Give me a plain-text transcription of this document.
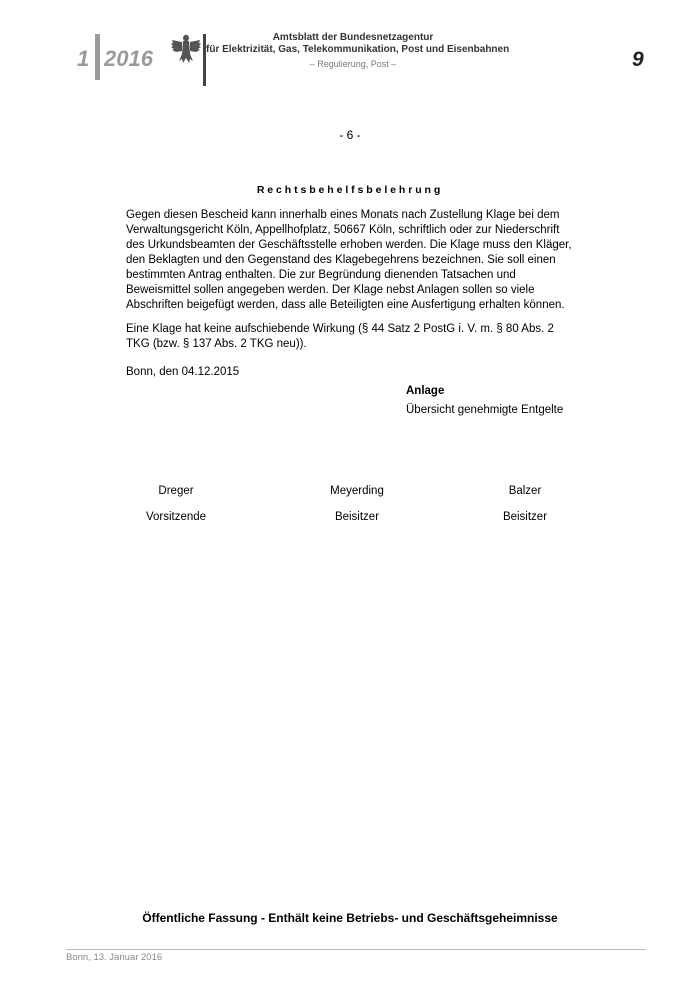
1 2016
Amtsblatt der Bundesnetzagentur
für Elektrizität, Gas, Telekommunikation, Post und Eisenbahnen
– Regulierung, Post –	9
- 6 -
Rechtsbehelfsbelehrung

Gegen diesen Bescheid kann innerhalb eines Monats nach Zustellung Klage bei dem Verwaltungsgericht Köln, Appellhofplatz, 50667 Köln, schriftlich oder zur Niederschrift des Urkundsbeamten der Geschäftsstelle erhoben werden. Die Klage muss den Kläger, den Beklagten und den Gegenstand des Klagebegehrens bezeichnen. Sie soll einen bestimmten Antrag enthalten. Die zur Begründung dienenden Tatsachen und Beweismittel sollen angegeben werden. Der Klage nebst Anlagen sollen so viele Abschriften beigefügt werden, dass alle Beteiligten eine Ausfertigung erhalten können.

Eine Klage hat keine aufschiebende Wirkung (§ 44 Satz 2 PostG i. V. m. § 80 Abs. 2 TKG (bzw. § 137 Abs. 2 TKG neu)).

Bonn, den 04.12.2015
Anlage
Übersicht genehmigte Entgelte
Dreger
Vorsitzende
Meyerding
Beisitzer
Balzer
Beisitzer
Öffentliche Fassung - Enthält keine Betriebs- und Geschäftsgeheimnisse
Bonn, 13. Januar 2016
